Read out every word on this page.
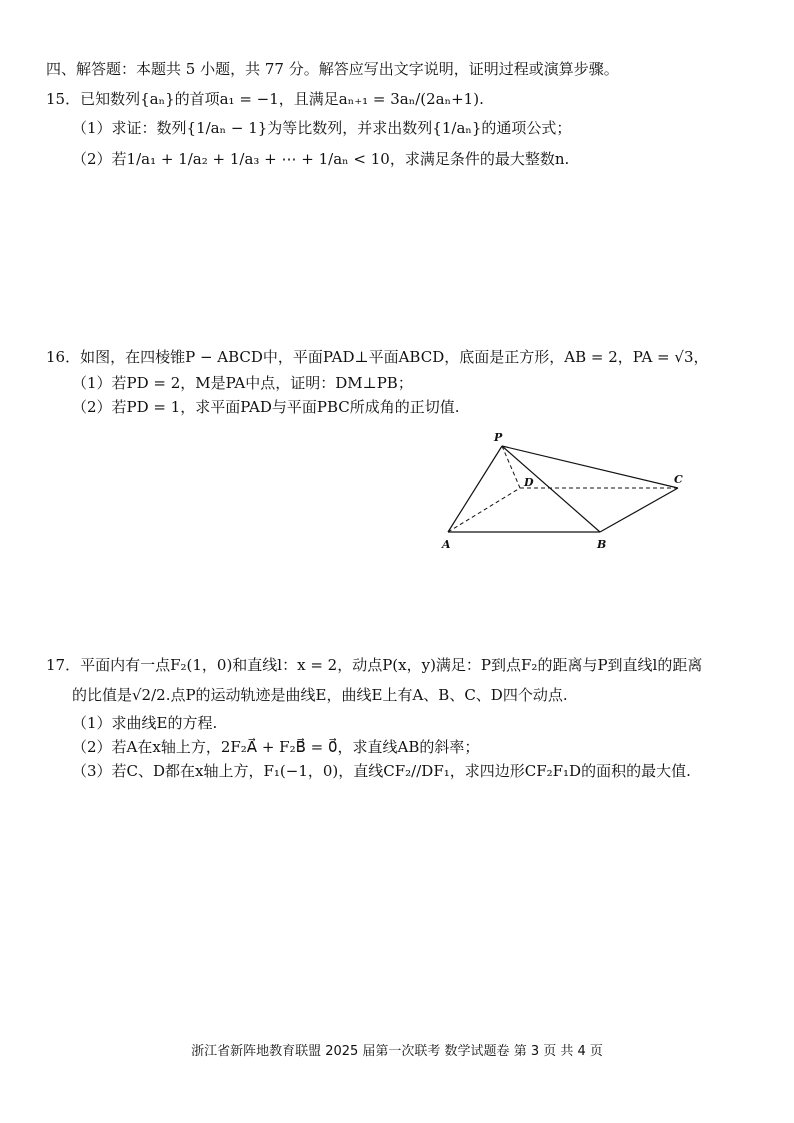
四、解答题：本题共 5 小题，共 77 分。解答应写出文字说明，证明过程或演算步骤。
15．已知数列{aₙ}的首项a₁ = −1，且满足aₙ₊₁ = 3aₙ/(2aₙ+1).
（1）求证：数列{1/aₙ − 1}为等比数列，并求出数列{1/aₙ}的通项公式；
（2）若1/a₁ + 1/a₂ + 1/a₃ + ⋯ + 1/aₙ < 10，求满足条件的最大整数n.
16．如图，在四棱锥P − ABCD中，平面PAD⊥平面ABCD，底面是正方形，AB = 2，PA = √3，
（1）若PD = 2，M是PA中点，证明：DM⊥PB；
（2）若PD = 1，求平面PAD与平面PBC所成角的正切值.
P
A	B
C
D
17．平面内有一点F₂(1，0)和直线l：x = 2，动点P(x，y)满足：P到点F₂的距离与P到直线l的距离
的比值是√2/2.点P的运动轨迹是曲线E，曲线E上有A、B、C、D四个动点.
（1）求曲线E的方程.
（2）若A在x轴上方，2F₂A⃗ + F₂B⃗ = 0⃗，求直线AB的斜率；
（3）若C、D都在x轴上方，F₁(−1，0)，直线CF₂//DF₁，求四边形CF₂F₁D的面积的最大值.
浙江省新阵地教育联盟 2025 届第一次联考 数学试题卷 第 3 页 共 4 页
